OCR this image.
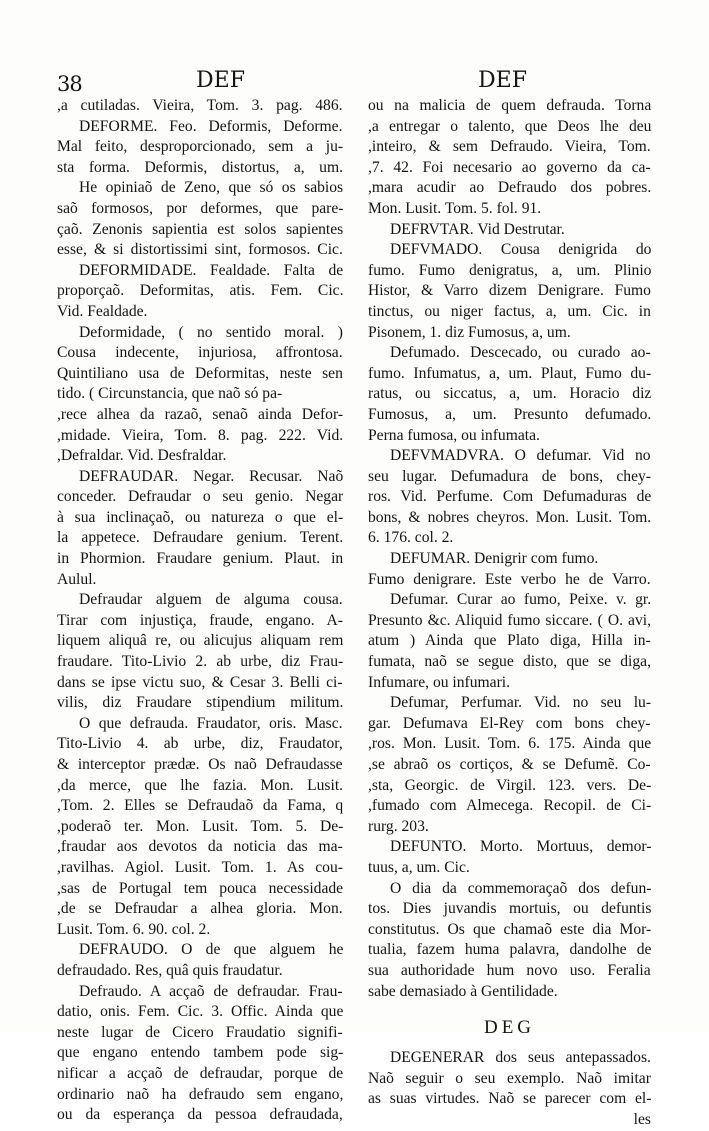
38	DEF	DEF
,a cutiladas. Vieira, Tom. 3. pag. 486.
DEFORME. Feo. Deformis, Deforme.
Mal feito, desproporcionado, sem a ju-
sta forma. Deformis, distortus, a, um.
He opiniaõ de Zeno, que só os sabios
saõ formosos, por deformes, que pare-
çaõ. Zenonis sapientia est solos sapientes
esse, & si distortissimi sint, formosos. Cic.
DEFORMIDADE. Fealdade. Falta de
proporçaõ. Deformitas, atis. Fem. Cic.
Vid. Fealdade.
Deformidade, ( no sentido moral. )
Cousa indecente, injuriosa, affrontosa.
Quintiliano usa de Deformitas, neste sen
tido. ( Circunstancia, que naõ só pa-
,rece alhea da razaõ, senaõ ainda Defor-
,midade. Vieira, Tom. 8. pag. 222. Vid.
,Defraldar. Vid. Desfraldar.
DEFRAUDAR. Negar. Recusar. Naõ
conceder. Defraudar o seu genio. Negar
à sua inclinaçaõ, ou natureza o que el-
la appetece. Defraudare genium. Terent.
in Phormion. Fraudare genium. Plaut. in
Aulul.
Defraudar alguem de alguma cousa.
Tirar com injustiça, fraude, engano. A-
liquem aliquâ re, ou alicujus aliquam rem
fraudare. Tito-Livio 2. ab urbe, diz Frau-
dans se ipse victu suo, & Cesar 3. Belli ci-
vilis, diz Fraudare stipendium militum.
O que defrauda. Fraudator, oris. Masc.
Tito-Livio 4. ab urbe, diz, Fraudator,
& interceptor prædæ. Os naõ Defraudasse
,da merce, que lhe fazia. Mon. Lusit.
,Tom. 2. Elles se Defraudaõ da Fama, q
,poderaõ ter. Mon. Lusit. Tom. 5. De-
,fraudar aos devotos da noticia das ma-
,ravilhas. Agiol. Lusit. Tom. 1. As cou-
,sas de Portugal tem pouca necessidade
,de se Defraudar a alhea gloria. Mon.
Lusit. Tom. 6. 90. col. 2.
DEFRAUDO. O de que alguem he
defraudado. Res, quâ quis fraudatur.
Defraudo. A acçaõ de defraudar. Frau-
datio, onis. Fem. Cic. 3. Offic. Ainda que
neste lugar de Cicero Fraudatio signifi-
que engano entendo tambem pode sig-
nificar a acçaõ de defraudar, porque de
ordinario naõ ha defraudo sem engano,
ou da esperança da pessoa defraudada,
ou na malicia de quem defrauda. Torna
,a entregar o talento, que Deos lhe deu
,inteiro, & sem Defraudo. Vieira, Tom.
,7. 42. Foi necesario ao governo da ca-
,mara acudir ao Defraudo dos pobres.
Mon. Lusit. Tom. 5. fol. 91.
DEFRVTAR. Vid Destrutar.
DEFVMADO. Cousa denigrida do
fumo. Fumo denigratus, a, um. Plinio
Histor, & Varro dizem Denigrare. Fumo
tinctus, ou niger factus, a, um. Cic. in
Pisonem, 1. diz Fumosus, a, um.
Defumado. Descecado, ou curado ao-
fumo. Infumatus, a, um. Plaut, Fumo du-
ratus, ou siccatus, a, um. Horacio diz
Fumosus, a, um. Presunto defumado.
Perna fumosa, ou infumata.
DEFVMADVRA. O defumar. Vid no
seu lugar. Defumadura de bons, chey-
ros. Vid. Perfume. Com Defumaduras de
bons, & nobres cheyros. Mon. Lusit. Tom.
6. 176. col. 2.
DEFUMAR. Denigrir com fumo.
Fumo denigrare. Este verbo he de Varro.
Defumar. Curar ao fumo, Peixe. v. gr.
Presunto &c. Aliquid fumo siccare. ( O. avi,
atum ) Ainda que Plato diga, Hilla in-
fumata, naõ se segue disto, que se diga,
Infumare, ou infumari.
Defumar, Perfumar. Vid. no seu lu-
gar. Defumava El-Rey com bons chey-
,ros. Mon. Lusit. Tom. 6. 175. Ainda que
,se abraõ os cortiços, & se Defumẽ. Co-
,sta, Georgic. de Virgil. 123. vers. De-
,fumado com Almecega. Recopil. de Ci-
rurg. 203.
DEFUNTO. Morto. Mortuus, demor-
tuus, a, um. Cic.
O dia da commemoraçaõ dos defun-
tos. Dies juvandis mortuis, ou defuntis
constitutus. Os que chamaõ este dia Mor-
tualia, fazem huma palavra, dandolhe de
sua authoridade hum novo uso. Feralia
sabe demasiado à Gentilidade.
DEG
DEGENERAR dos seus antepassados.
Naõ seguir o seu exemplo. Naõ imitar
as suas virtudes. Naõ se parecer com el-
les
